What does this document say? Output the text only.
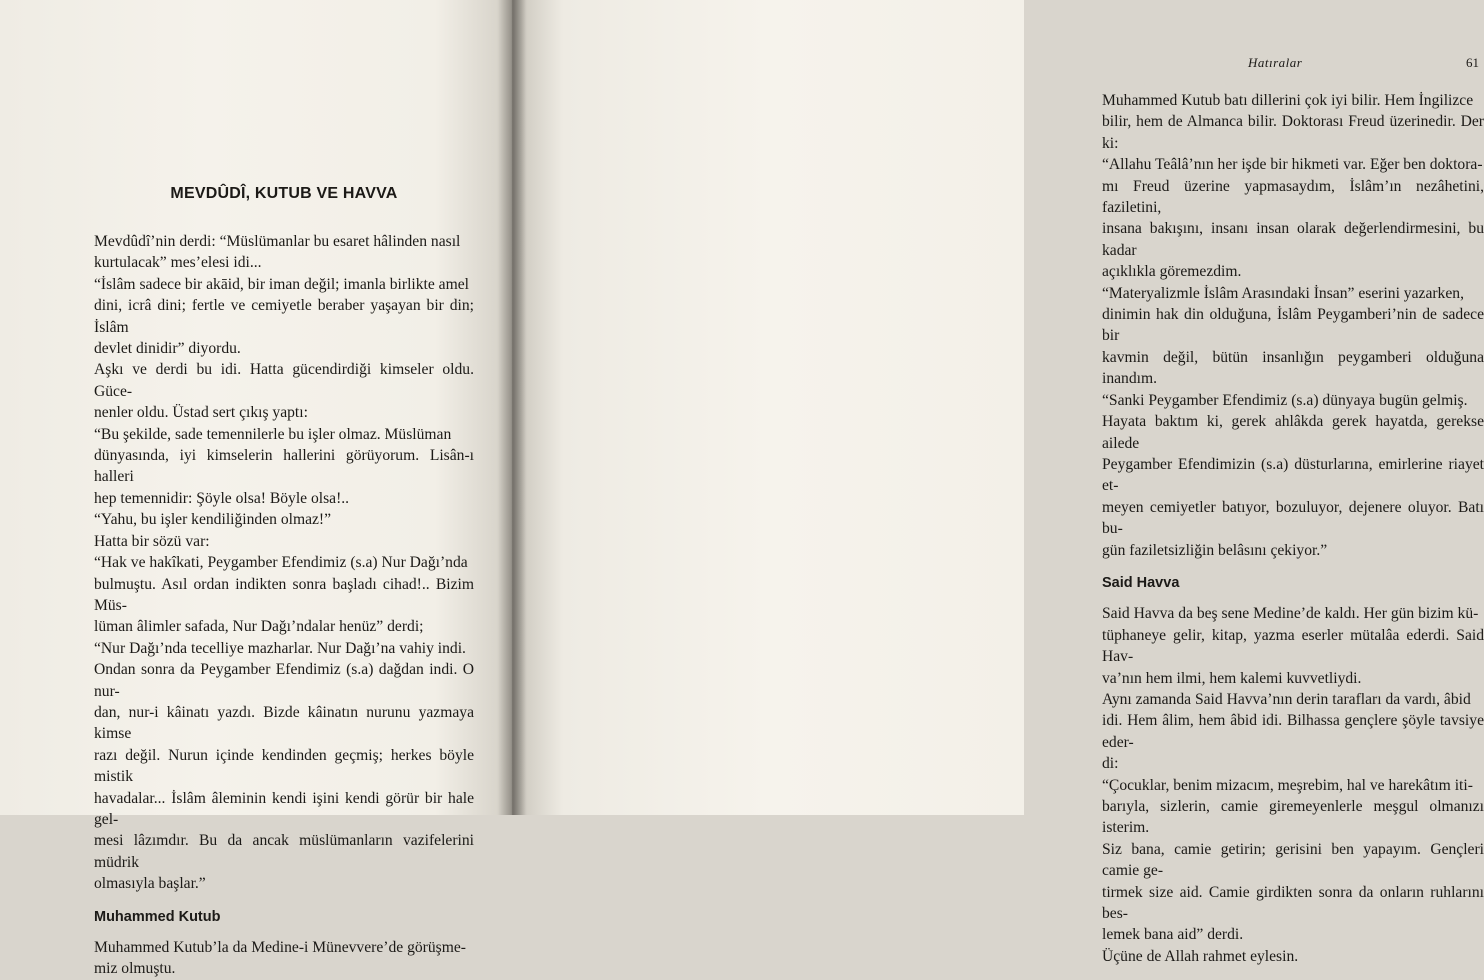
MEVDÛDÎ, KUTUB VE HAVVA

Mevdûdî’nin derdi: “Müslümanlar bu esaret hâlinden nasıl
kurtulacak” mes’elesi idi...

“İslâm sadece bir akāid, bir iman değil; imanla birlikte amel
dini, icrâ dini; fertle ve cemiyetle beraber yaşayan bir din; İslâm
devlet dinidir” diyordu.

Aşkı ve derdi bu idi. Hatta gücendirdiği kimseler oldu. Güce-
nenler oldu. Üstad sert çıkış yaptı:

“Bu şekilde, sade temennilerle bu işler olmaz. Müslüman
dünyasında, iyi kimselerin hallerini görüyorum. Lisân-ı halleri
hep temennidir: Şöyle olsa! Böyle olsa!..

“Yahu, bu işler kendiliğinden olmaz!”

Hatta bir sözü var:

“Hak ve hakîkati, Peygamber Efendimiz (s.a) Nur Dağı’nda
bulmuştu. Asıl ordan indikten sonra başladı cihad!.. Bizim Müs-
lüman âlimler safada, Nur Dağı’ndalar henüz” derdi;

“Nur Dağı’nda tecelliye mazharlar. Nur Dağı’na vahiy indi.
Ondan sonra da Peygamber Efendimiz (s.a) dağdan indi. O nur-
dan, nur-i kâinatı yazdı. Bizde kâinatın nurunu yazmaya kimse
razı değil. Nurun içinde kendinden geçmiş; herkes böyle mistik
havadalar... İslâm âleminin kendi işini kendi görür bir hale gel-
mesi lâzımdır. Bu da ancak müslümanların vazifelerini müdrik
olmasıyla başlar.”

Muhammed Kutub

Muhammed Kutub’la da Medine-i Münevvere’de görüşme-
miz olmuştu.

Hatıralar	61

Muhammed Kutub batı dillerini çok iyi bilir. Hem İngilizce
bilir, hem de Almanca bilir. Doktorası Freud üzerinedir. Der ki:

“Allahu Teâlâ’nın her işde bir hikmeti var. Eğer ben doktora-
mı Freud üzerine yapmasaydım, İslâm’ın nezâhetini, faziletini,
insana bakışını, insanı insan olarak değerlendirmesini, bu kadar
açıklıkla göremezdim.

“Materyalizmle İslâm Arasındaki İnsan” eserini yazarken,
dinimin hak din olduğuna, İslâm Peygamberi’nin de sadece bir
kavmin değil, bütün insanlığın peygamberi olduğuna inandım.

“Sanki Peygamber Efendimiz (s.a) dünyaya bugün gelmiş.
Hayata baktım ki, gerek ahlâkda gerek hayatda, gerekse ailede
Peygamber Efendimizin (s.a) düsturlarına, emirlerine riayet et-
meyen cemiyetler batıyor, bozuluyor, dejenere oluyor. Batı bu-
gün faziletsizliğin belâsını çekiyor.”

Said Havva

Said Havva da beş sene Medine’de kaldı. Her gün bizim kü-
tüphaneye gelir, kitap, yazma eserler mütalâa ederdi. Said Hav-
va’nın hem ilmi, hem kalemi kuvvetliydi.

Aynı zamanda Said Havva’nın derin tarafları da vardı, âbid
idi. Hem âlim, hem âbid idi. Bilhassa gençlere şöyle tavsiye eder-
di:

“Çocuklar, benim mizacım, meşrebim, hal ve harekâtım iti-
barıyla, sizlerin, camie giremeyenlerle meşgul olmanızı isterim.
Siz bana, camie getirin; gerisini ben yapayım. Gençleri camie ge-
tirmek size aid. Camie girdikten sonra da onların ruhlarını bes-
lemek bana aid” derdi.

Üçüne de Allah rahmet eylesin.
